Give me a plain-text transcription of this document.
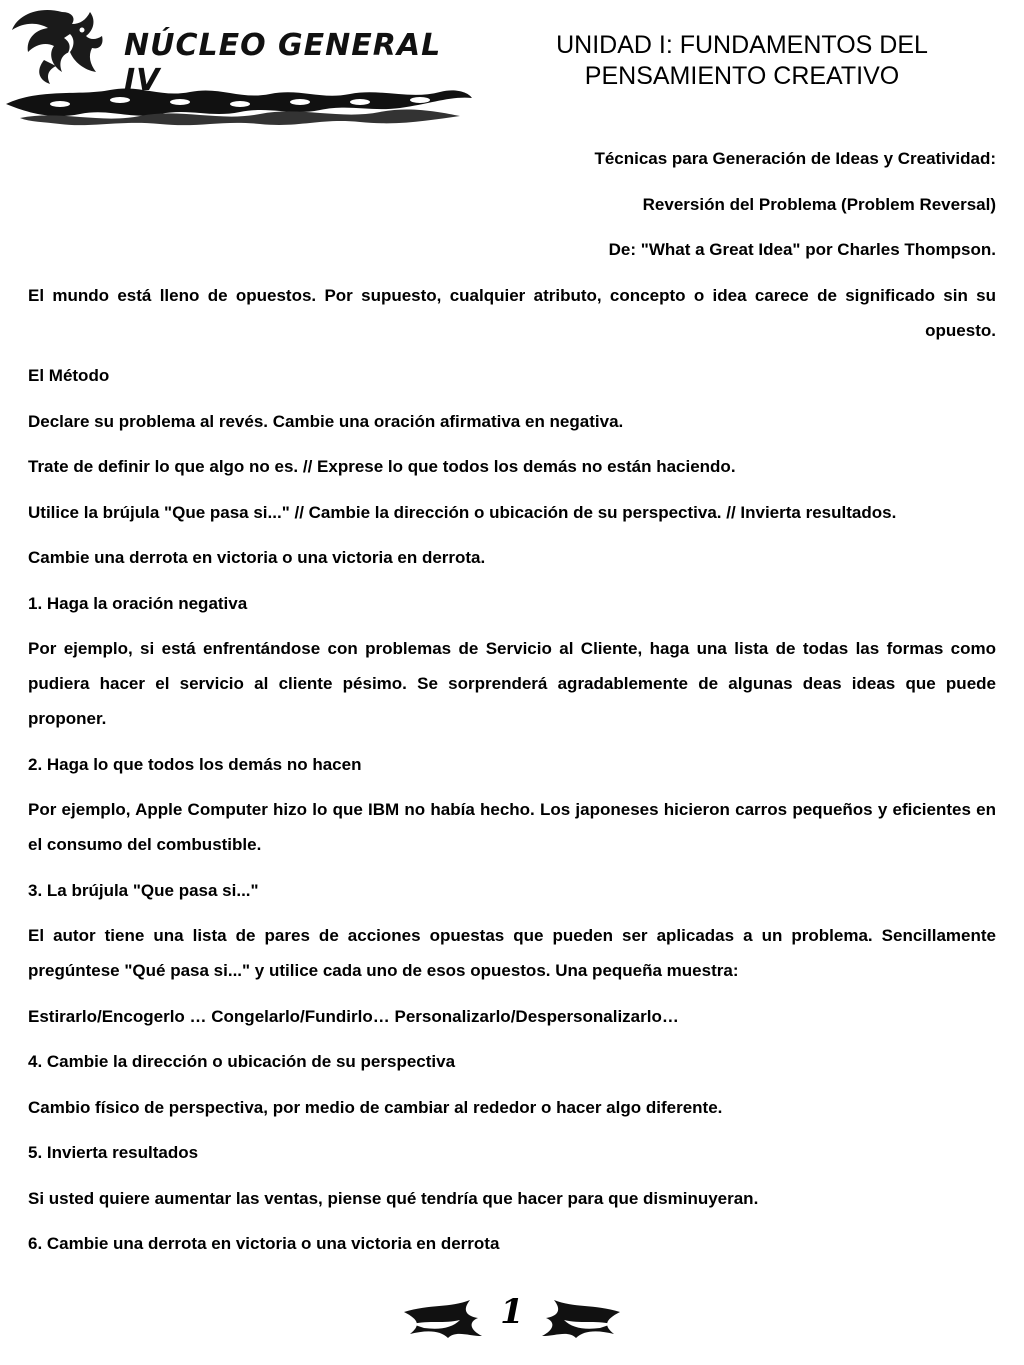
NÚCLEO GENERAL IV
UNIDAD I: FUNDAMENTOS DEL
PENSAMIENTO CREATIVO

Técnicas para Generación de Ideas y Creatividad:

Reversión del Problema (Problem Reversal)

De: "What a Great Idea" por Charles Thompson.

El mundo está lleno de opuestos. Por supuesto, cualquier atributo, concepto o idea carece de significado sin su opuesto.

El Método

Declare su problema al revés. Cambie una oración afirmativa en negativa.

Trate de definir lo que algo no es. // Exprese lo que todos los demás no están haciendo.

Utilice la brújula "Que pasa si..." // Cambie la dirección o ubicación de su perspectiva. // Invierta resultados.

Cambie una derrota en victoria o una victoria en derrota.

1. Haga la oración negativa

Por ejemplo, si está enfrentándose con problemas de Servicio al Cliente, haga una lista de todas las formas como pudiera hacer el servicio al cliente pésimo. Se sorprenderá agradablemente de algunas deas ideas que puede proponer.

2. Haga lo que todos los demás no hacen

Por ejemplo, Apple Computer hizo lo que IBM no había hecho. Los japoneses hicieron carros pequeños y eficientes en el consumo del combustible.

3. La brújula "Que pasa si..."

El autor tiene una lista de pares de acciones opuestas que pueden ser aplicadas a un problema. Sencillamente pregúntese "Qué pasa si..." y utilice cada uno de esos opuestos. Una pequeña muestra:

Estirarlo/Encogerlo … Congelarlo/Fundirlo… Personalizarlo/Despersonalizarlo…

4. Cambie la dirección o ubicación de su perspectiva

Cambio físico de perspectiva, por medio de cambiar al rededor o hacer algo diferente.

5. Invierta resultados

Si usted quiere aumentar las ventas, piense qué tendría que hacer para que disminuyeran.

6. Cambie una derrota en victoria o una victoria en derrota

1
